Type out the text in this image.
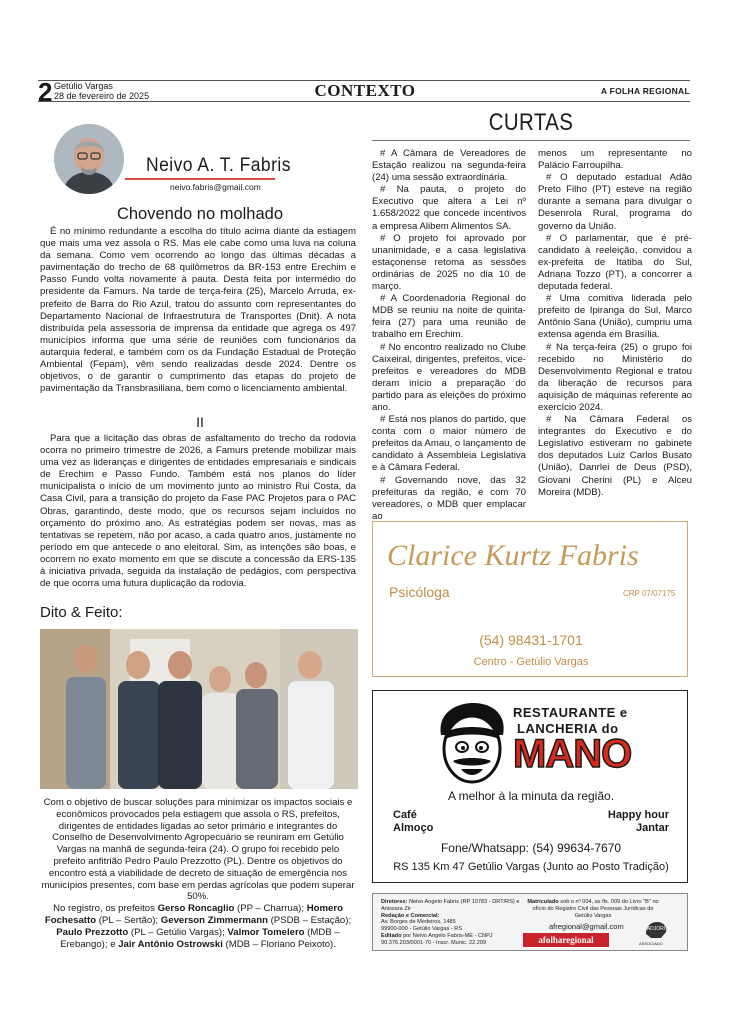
2 Getúlio Vargas
28 de fevereiro de 2025	CONTEXTO	A FOLHA REGIONAL
Neivo A. T. Fabris
neivo.fabris@gmail.com
Chovendo no molhado

É no mínimo redundante a escolha do título acima diante da estiagem que mais uma vez assola o RS. Mas ele cabe como uma luva na coluna da semana. Como vem ocorrendo ao longo das últimas décadas a pavimentação do trecho de 68 quilômetros da BR-153 entre Erechim e Passo Fundo volta novamente à pauta. Desta feita por intermédio do presidente da Famurs. Na tarde de terça-feira (25), Marcelo Arruda, ex-prefeito de Barra do Rio Azul, tratou do assunto com representantes do Departamento Nacional de Infraestrutura de Transportes (Dnit). A nota distribuída pela assessoria de imprensa da entidade que agrega os 497 municípios informa que uma série de reuniões com funcionários da autarquia federal, e também com os da Fundação Estadual de Proteção Ambiental (Fepam), vêm sendo realizadas desde 2024. Dentre os objetivos, o de garantir o cumprimento das etapas do projeto de pavimentação da Transbrasiliana, bem como o licenciamento ambiental.

II

Para que a licitação das obras de asfaltamento do trecho da rodovia ocorra no primeiro trimestre de 2026, a Famurs pretende mobilizar mais uma vez as lideranças e dirigentes de entidades empresariais e sindicais de Erechim e Passo Fundo. Também está nos planos do líder municipalista o início de um movimento junto ao ministro Rui Costa, da Casa Civil, para a transição do projeto da Fase PAC Projetos para o PAC Obras, garantindo, deste modo, que os recursos sejam incluídos no orçamento do próximo ano. As estratégias podem ser novas, mas as tentativas se repetem, não por acaso, a cada quatro anos, justamente no período em que antecede o ano eleitoral. Sim, as intenções são boas, e ocorrem no exato momento em que se discute a concessão da ERS-135 à iniciativa privada, seguida da instalação de pedágios, com perspectiva de que ocorra uma futura duplicação da rodovia.

Dito & Feito:

Com o objetivo de buscar soluções para minimizar os impactos sociais e econômicos provocados pela estiagem que assola o RS, prefeitos, dirigentes de entidades ligadas ao setor primário e integrantes do Conselho de Desenvolvimento Agropecuário se reuniram em Getúlio Vargas na manhã de segunda-feira (24). O grupo foi recebido pelo prefeito anfitrião Pedro Paulo Prezzotto (PL). Dentre os objetivos do encontro está a viabilidade de decreto de situação de emergência nos municípios presentes, com base em perdas agrícolas que podem superar 50%.

No registro, os prefeitos Gerso Roncaglio (PP – Charrua); Homero Fochesatto (PL – Sertão); Geverson Zimmermann (PSDB – Estação); Paulo Prezzotto (PL – Getúlio Vargas); Valmor Tomelero (MDB – Erebango); e Jair Antônio Ostrowski (MDB – Floriano Peixoto).

CURTAS

# A Câmara de Vereadores de Estação realizou na segunda-feira (24) uma sessão extraordinária.

# Na pauta, o projeto do Executivo que altera a Lei nº 1.658/2022 que concede incentivos a empresa Alibem Alimentos SA.

# O projeto foi aprovado por unanimidade, e a casa legislativa estaçonense retoma as sessões ordinárias de 2025 no dia 10 de março.

# A Coordenadoria Regional do MDB se reuniu na noite de quinta-feira (27) para uma reunião de trabalho em Erechim.

# No encontro realizado no Clube Caixeiral, dirigentes, prefeitos, vice-prefeitos e vereadores do MDB deram início a preparação do partido para as eleições do próximo ano.

# Está nos planos do partido, que conta com o maior número de prefeitos da Amau, o lançamento de candidato à Assembleia Legislativa e à Câmara Federal.

# Governando nove, das 32 prefeituras da região, e com 70 vereadores, o MDB quer emplacar ao

menos um representante no Palácio Farroupilha.

# O deputado estadual Adão Preto Filho (PT) esteve na região durante a semana para divulgar o Desenrola Rural, programa do governo da União.

# O parlamentar, que é pré-candidato à reeleição, convidou a ex-prefeita de Itatiba do Sul, Adriana Tozzo (PT), a concorrer a deputada federal.

# Uma comitiva liderada pelo prefeito de Ipiranga do Sul, Marco Antônio Sana (União), cumpriu uma extensa agenda em Brasília.

# Na terça-feira (25) o grupo foi recebido no Ministério do Desenvolvimento Regional e tratou da liberação de recursos para aquisição de máquinas referente ao exercício 2024.

# Na Câmara Federal os integrantes do Executivo e do Legislativo estiveram no gabinete dos deputados Luiz Carlos Busato (União), Danrlei de Deus (PSD), Giovani Cherini (PL) e Alceu Moreira (MDB).

Clarice Kurtz Fabris
Psicóloga	CRP 07/07175
(54) 98431-1701
Centro - Getúlio Vargas
RESTAURANTE e
LANCHERIA do
MANO
A melhor à la minuta da região.
Café
Almoço
Happy hour
Jantar
Fone/Whatsapp: (54) 99634-7670
RS 135 Km 47 Getúlio Vargas (Junto ao Posto Tradição)
Diretores: Neivo Angelo Fabris (RP 10783 - DRT/RS) e Anissara Zir
Redação e Comercial:
Av. Borges de Medeiros, 1485
99900-000 - Getúlio Vargas - RS
Editado por Neivo Angelo Fabris-ME - CNPJ 90.376.203/0001-70 - Inscr. Munic. 22.209
Matriculado sob o nº 004, as fls. 009 do Livro "B" no ofício do Registro Civil das Pessoas Jurídicas de Getúlio Vargas
afregional@gmail.com
afolharegional
ADJORI
ASSOCIADO
